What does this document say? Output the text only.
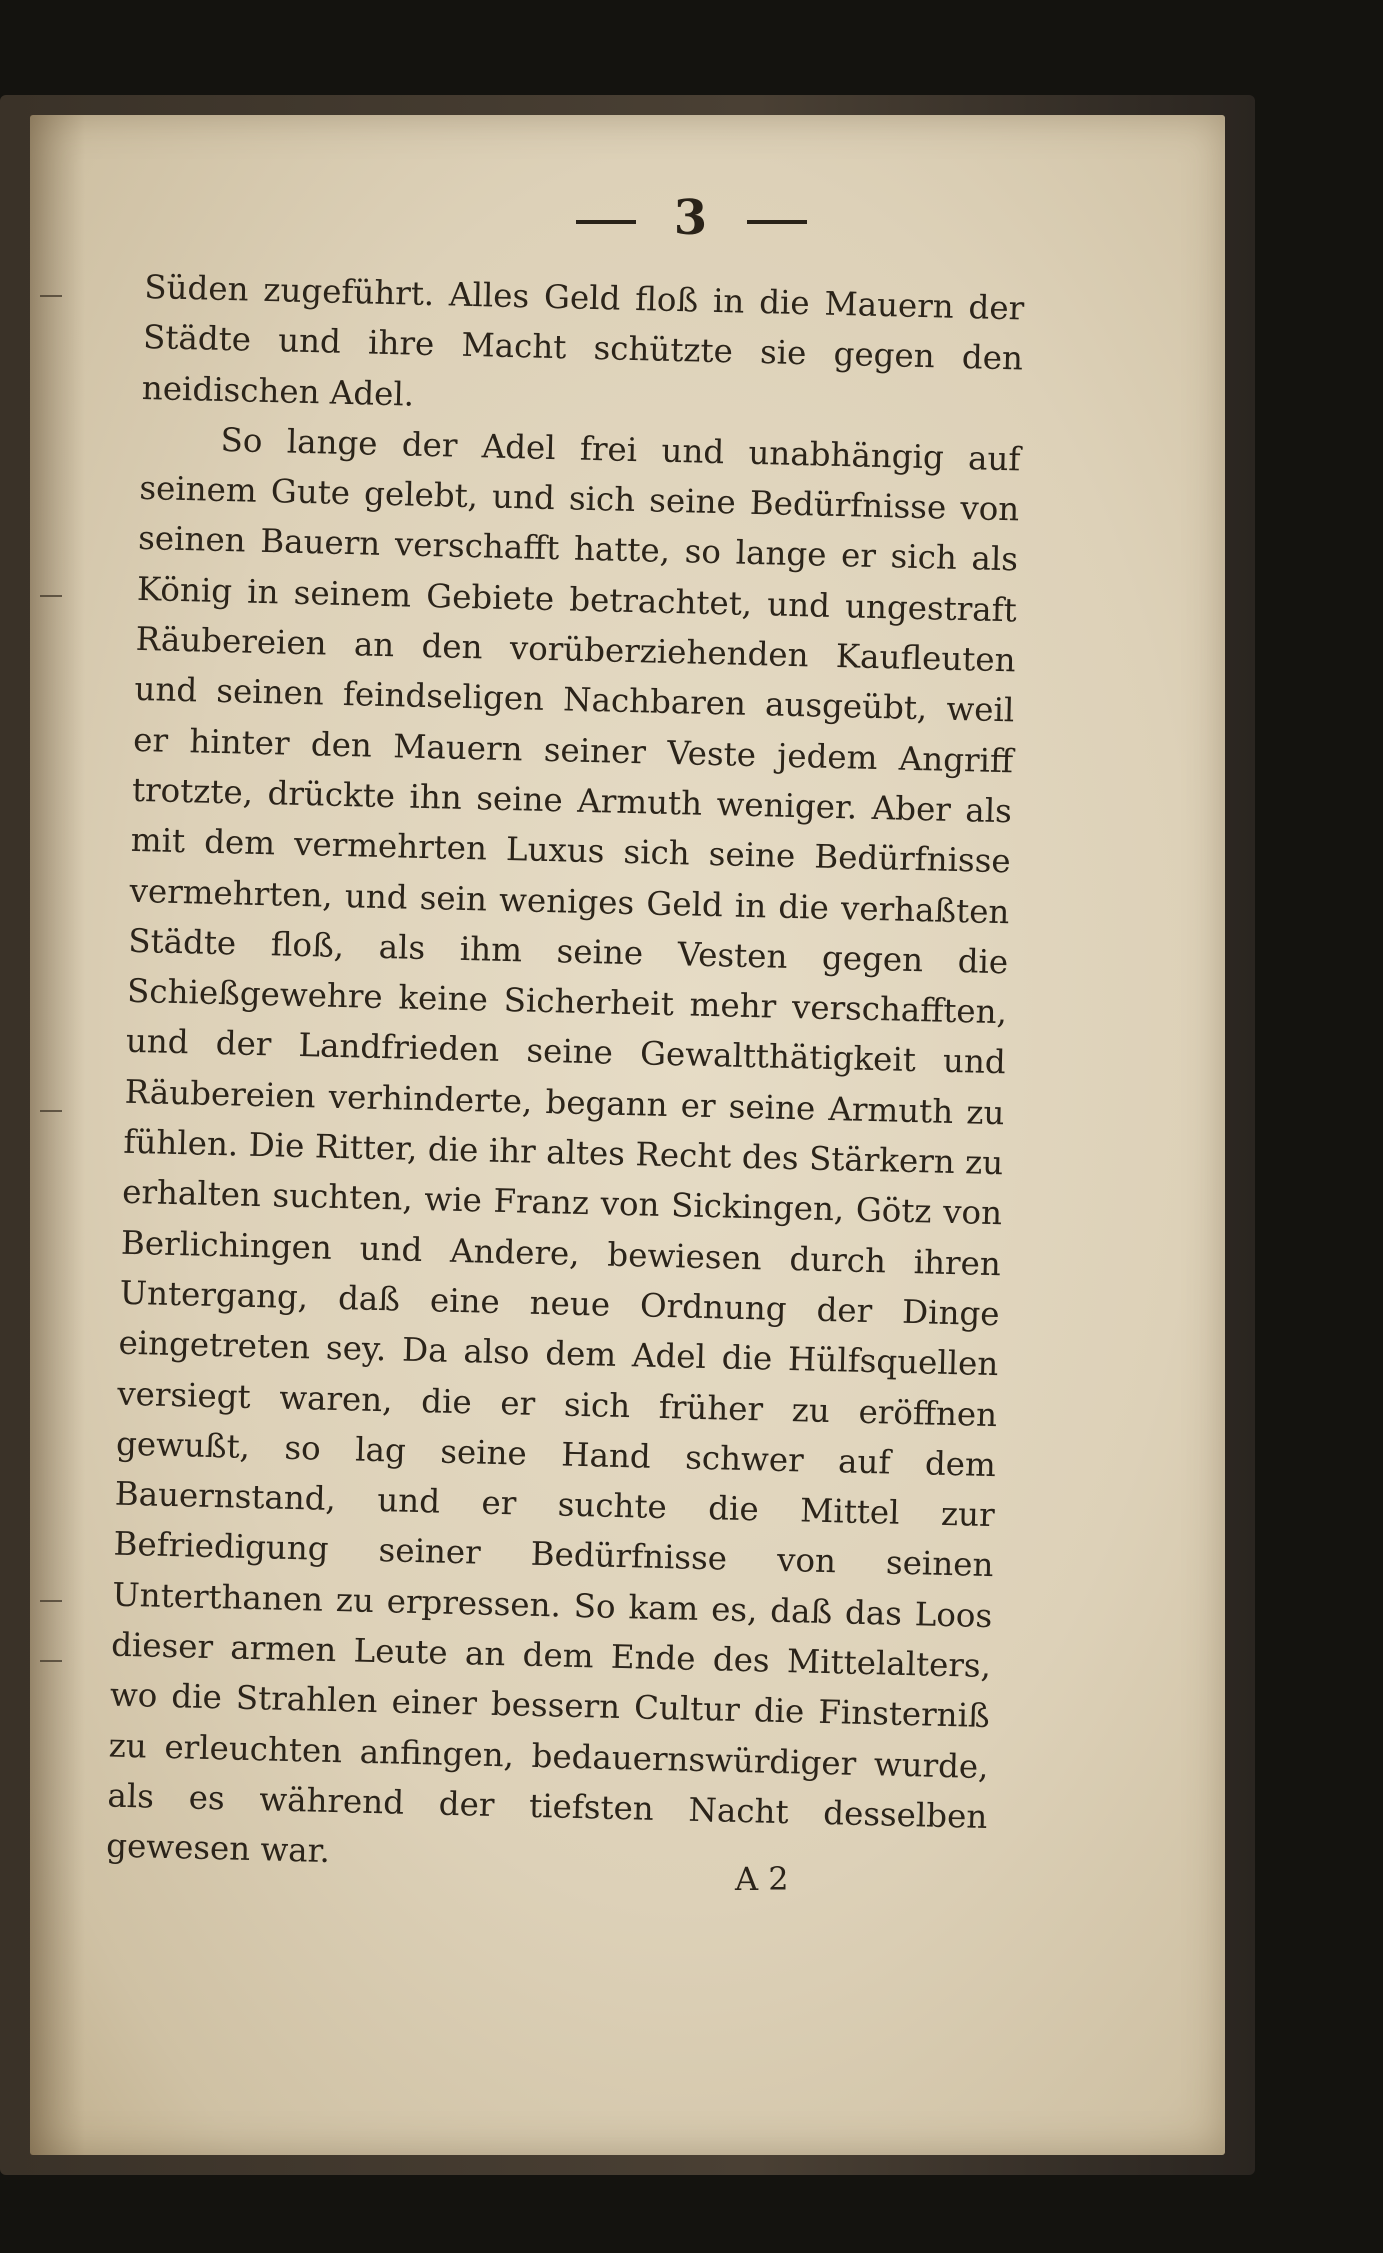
3

Süden zugeführt. Alles Geld floß in die Mauern der Städte und ihre Macht schützte sie gegen den neidischen Adel.

So lange der Adel frei und unabhängig auf seinem Gute gelebt, und sich seine Bedürfnisse von seinen Bauern verschafft hatte, so lange er sich als König in seinem Gebiete betrachtet, und ungestraft Räubereien an den vorüberziehenden Kaufleuten und seinen feindseligen Nachbaren ausgeübt, weil er hinter den Mauern seiner Veste jedem Angriff trotzte, drückte ihn seine Armuth weniger. Aber als mit dem vermehrten Luxus sich seine Bedürfnisse vermehrten, und sein weniges Geld in die verhaßten Städte floß, als ihm seine Vesten gegen die Schießgewehre keine Sicherheit mehr verschafften, und der Landfrieden seine Gewaltthätigkeit und Räubereien verhinderte, begann er seine Armuth zu fühlen. Die Ritter, die ihr altes Recht des Stärkern zu erhalten suchten, wie Franz von Sickingen, Götz von Berlichingen und Andere, bewiesen durch ihren Untergang, daß eine neue Ordnung der Dinge eingetreten sey. Da also dem Adel die Hülfsquellen versiegt waren, die er sich früher zu eröffnen gewußt, so lag seine Hand schwer auf dem Bauernstand, und er suchte die Mittel zur Befriedigung seiner Bedürfnisse von seinen Unterthanen zu erpressen. So kam es, daß das Loos dieser armen Leute an dem Ende des Mittelalters, wo die Strahlen einer bessern Cultur die Finsterniß zu erleuchten anfingen, bedauernswürdiger wurde, als es während der tiefsten Nacht desselben gewesen war.

A 2
